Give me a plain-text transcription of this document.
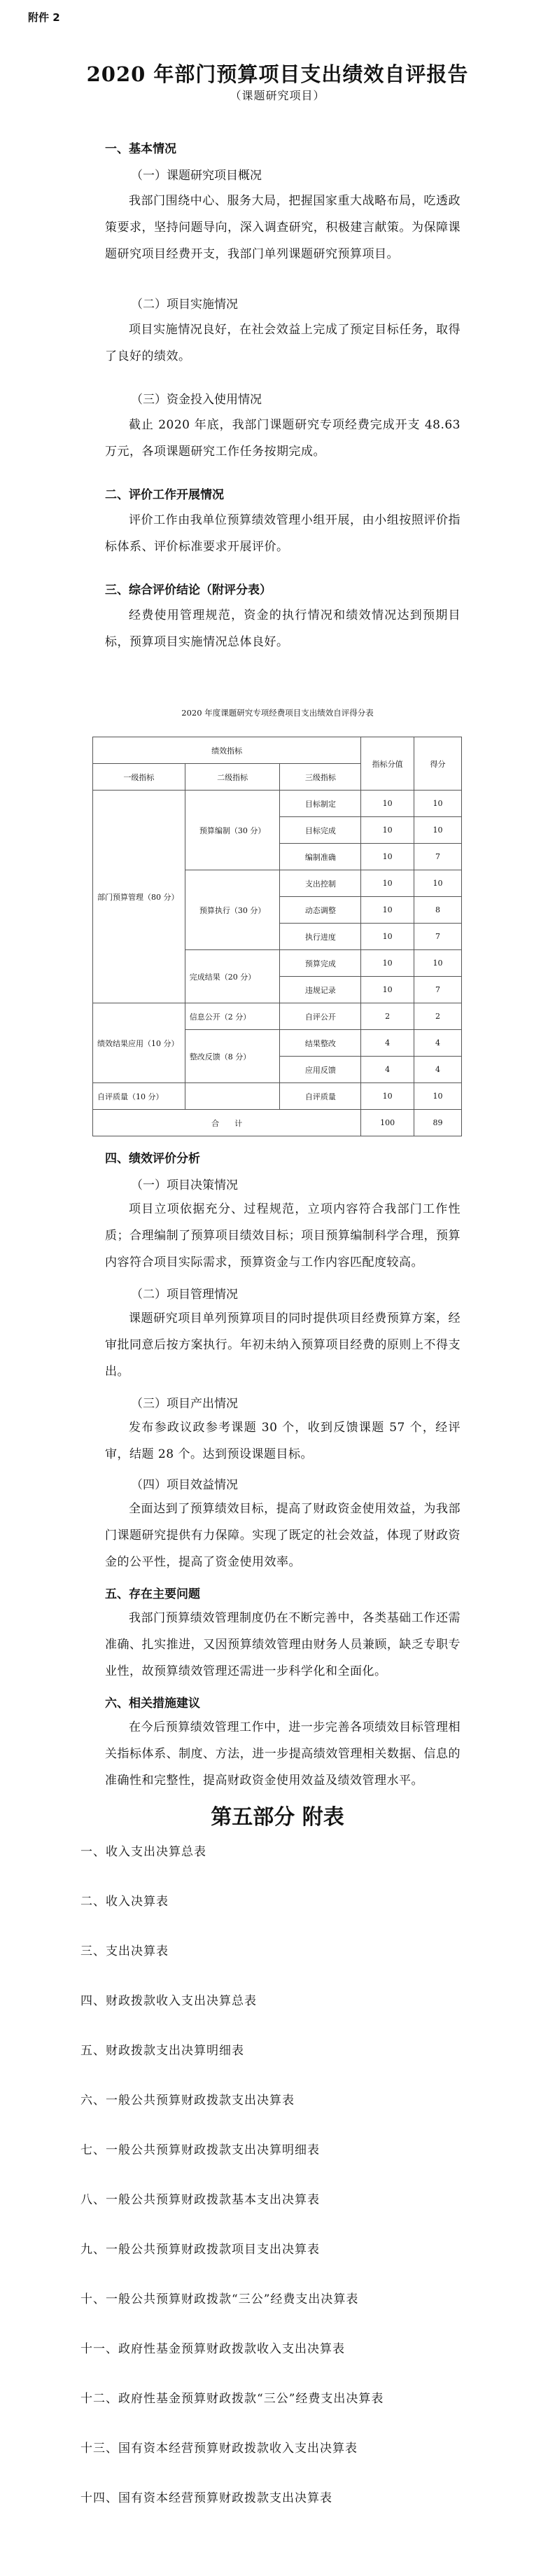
附件 2
2020 年部门预算项目支出绩效自评报告
（课题研究项目）
一、基本情况
（一）课题研究项目概况
我部门围绕中心、服务大局，把握国家重大战略布局，吃透政策要求，坚持问题导向，深入调查研究，积极建言献策。为保障课题研究项目经费开支，我部门单列课题研究预算项目。
（二）项目实施情况
项目实施情况良好，在社会效益上完成了预定目标任务，取得了良好的绩效。
（三）资金投入使用情况
截止 2020 年底，我部门课题研究专项经费完成开支 48.63 万元，各项课题研究工作任务按期完成。
二、评价工作开展情况
评价工作由我单位预算绩效管理小组开展，由小组按照评价指标体系、评价标准要求开展评价。
三、综合评价结论（附评分表）
经费使用管理规范，资金的执行情况和绩效情况达到预期目标，预算项目实施情况总体良好。
2020 年度课题研究专项经费项目支出绩效自评得分表
绩效指标			指标分值	得分
一级指标	二级指标	三级指标		
部门预算管理（80 分）	预算编制（30 分）	目标制定	10	10
		目标完成	10	10
		编制准确	10	7
	预算执行（30 分）	支出控制	10	10
		动态调整	10	8
		执行进度	10	7
	完成结果（20 分）	预算完成	10	10
		违规记录	10	7
绩效结果应用（10 分）	信息公开（2 分）	自评公开	2	2
	整改反馈（8 分）	结果整改	4	4
		应用反馈	4	4
自评质量（10 分）		自评质量	10	10
合　　计			100	89
四、绩效评价分析
（一）项目决策情况
项目立项依据充分、过程规范，立项内容符合我部门工作性质；合理编制了预算项目绩效目标；项目预算编制科学合理，预算内容符合项目实际需求，预算资金与工作内容匹配度较高。
（二）项目管理情况
课题研究项目单列预算项目的同时提供项目经费预算方案，经审批同意后按方案执行。年初未纳入预算项目经费的原则上不得支出。
（三）项目产出情况
发布参政议政参考课题 30 个，收到反馈课题 57 个，经评审，结题 28 个。达到预设课题目标。
（四）项目效益情况
全面达到了预算绩效目标，提高了财政资金使用效益，为我部门课题研究提供有力保障。实现了既定的社会效益，体现了财政资金的公平性，提高了资金使用效率。
五、存在主要问题
我部门预算绩效管理制度仍在不断完善中，各类基础工作还需准确、扎实推进，又因预算绩效管理由财务人员兼顾，缺乏专职专业性，故预算绩效管理还需进一步科学化和全面化。
六、相关措施建议
在今后预算绩效管理工作中，进一步完善各项绩效目标管理相关指标体系、制度、方法，进一步提高绩效管理相关数据、信息的准确性和完整性，提高财政资金使用效益及绩效管理水平。
第五部分 附表
一、收入支出决算总表
二、收入决算表
三、支出决算表
四、财政拨款收入支出决算总表
五、财政拨款支出决算明细表
六、一般公共预算财政拨款支出决算表
七、一般公共预算财政拨款支出决算明细表
八、一般公共预算财政拨款基本支出决算表
九、一般公共预算财政拨款项目支出决算表
十、一般公共预算财政拨款“三公”经费支出决算表
十一、政府性基金预算财政拨款收入支出决算表
十二、政府性基金预算财政拨款“三公”经费支出决算表
十三、国有资本经营预算财政拨款收入支出决算表
十四、国有资本经营预算财政拨款支出决算表
